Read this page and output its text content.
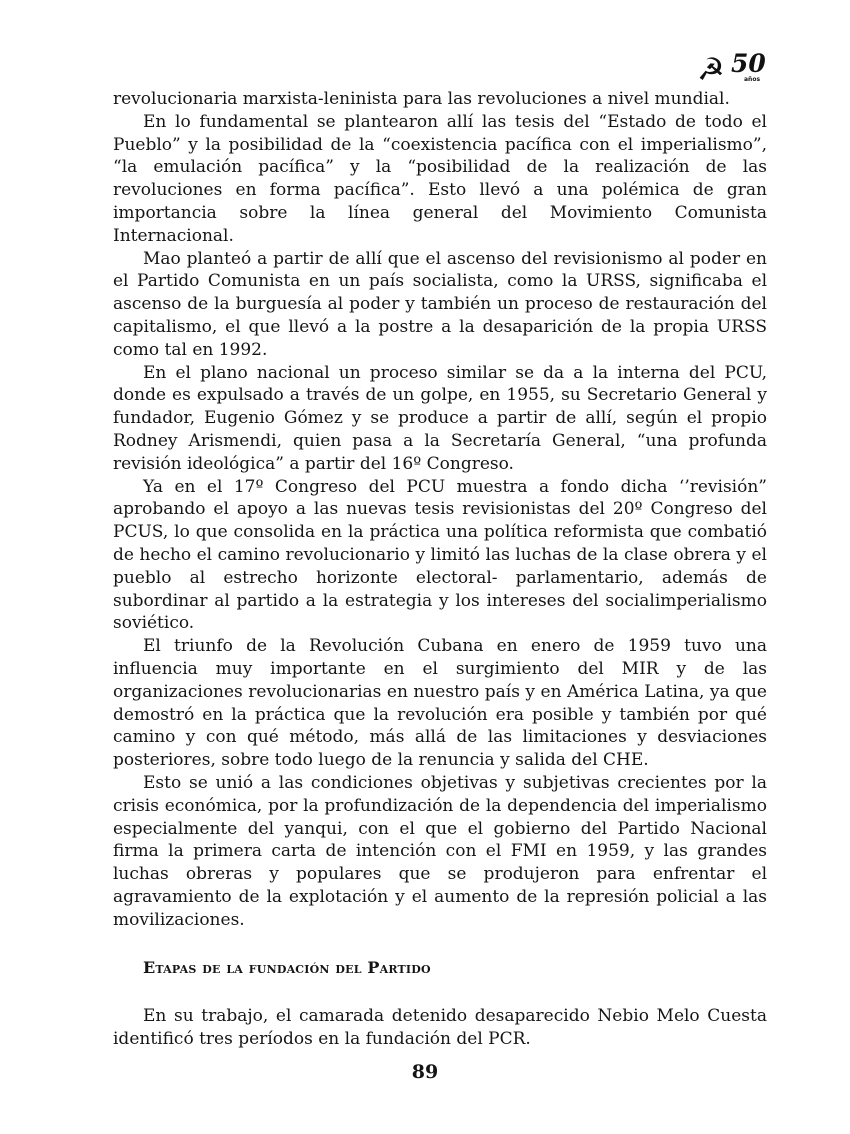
☭ 50
años

revolucionaria marxista-leninista para las revoluciones a nivel mundial.

En lo fundamental se plantearon allí las tesis del “Estado de todo el Pueblo” y la posibilidad de la “coexistencia pacífica con el imperialismo”, “la emulación pacífica” y la “posibilidad de la realización de las revoluciones en forma pacífica”. Esto llevó a una polémica de gran importancia sobre la línea general del Movimiento Comunista Internacional.

Mao planteó a partir de allí que el ascenso del revisionismo al poder en el Partido Comunista en un país socialista, como la URSS, significaba el ascenso de la burguesía al poder y también un proceso de restauración del capitalismo, el que llevó a la postre a la desaparición de la propia URSS como tal en 1992.

En el plano nacional un proceso similar se da a la interna del PCU, donde es expulsado a través de un golpe, en 1955, su Secretario General y fundador, Eugenio Gómez y se produce a partir de allí, según el propio Rodney Arismendi, quien pasa a la Secretaría General, “una profunda revisión ideológica” a partir del 16º Congreso.

Ya en el 17º Congreso del PCU muestra a fondo dicha ‘’revisión” aprobando el apoyo a las nuevas tesis revisionistas del 20º Congreso del PCUS, lo que consolida en la práctica una política reformista que combatió de hecho el camino revolucionario y limitó las luchas de la clase obrera y el pueblo al estrecho horizonte electoral- parlamentario, además de subordinar al partido a la estrategia y los intereses del socialimperialismo soviético.

El triunfo de la Revolución Cubana en enero de 1959 tuvo una influencia muy importante en el surgimiento del MIR y de las organizaciones revolucionarias en nuestro país y en América Latina, ya que demostró en la práctica que la revolución era posible y también por qué camino y con qué método, más allá de las limitaciones y desviaciones posteriores, sobre todo luego de la renuncia y salida del CHE.

Esto se unió a las condiciones objetivas y subjetivas crecientes por la crisis económica, por la profundización de la dependencia del imperialismo especialmente del yanqui, con el que el gobierno del Partido Nacional firma la primera carta de intención con el FMI en 1959, y las grandes luchas obreras y populares que se produjeron para enfrentar el agravamiento de la explotación y el aumento de la represión policial a las movilizaciones.

Etapas de la fundación del Partido

En su trabajo, el camarada detenido desaparecido Nebio Melo Cuesta identificó tres períodos en la fundación del PCR.

89
